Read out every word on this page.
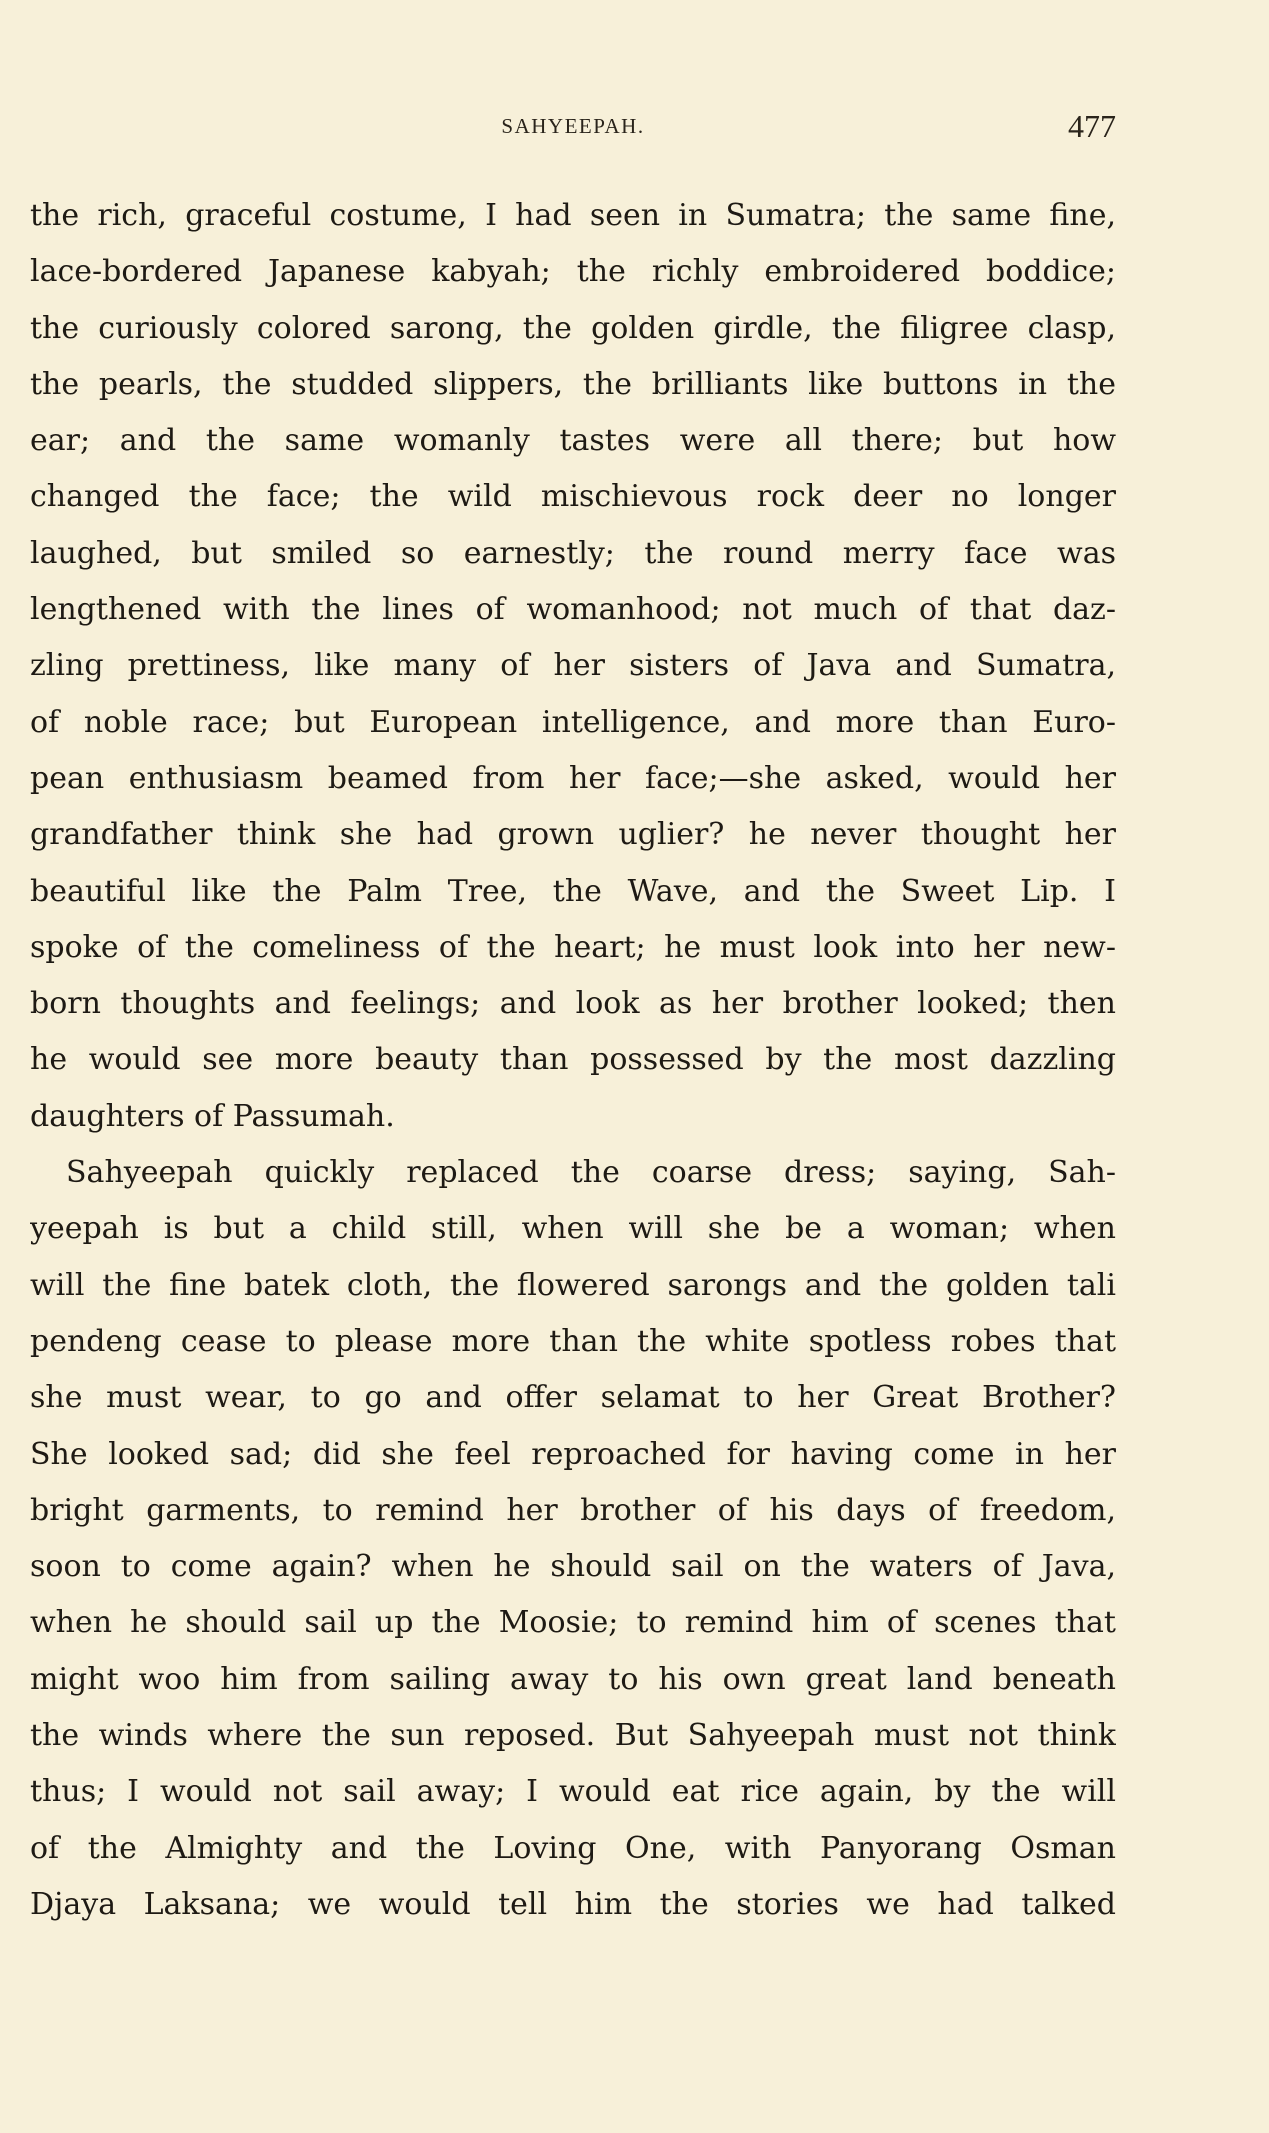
SAHYEEPAH.	477
the rich, graceful costume, I had seen in Sumatra; the same fine,
lace-bordered Japanese kabyah; the richly embroidered boddice;
the curiously colored sarong, the golden girdle, the filigree clasp,
the pearls, the studded slippers, the brilliants like buttons in the
ear; and the same womanly tastes were all there; but how
changed the face; the wild mischievous rock deer no longer
laughed, but smiled so earnestly; the round merry face was
lengthened with the lines of womanhood; not much of that daz-
zling prettiness, like many of her sisters of Java and Sumatra,
of noble race; but European intelligence, and more than Euro-
pean enthusiasm beamed from her face;—she asked, would her
grandfather think she had grown uglier? he never thought her
beautiful like the Palm Tree, the Wave, and the Sweet Lip. I
spoke of the comeliness of the heart; he must look into her new-
born thoughts and feelings; and look as her brother looked; then
he would see more beauty than possessed by the most dazzling
daughters of Passumah.
Sahyeepah quickly replaced the coarse dress; saying, Sah-
yeepah is but a child still, when will she be a woman; when
will the fine batek cloth, the flowered sarongs and the golden tali
pendeng cease to please more than the white spotless robes that
she must wear, to go and offer selamat to her Great Brother?
She looked sad; did she feel reproached for having come in her
bright garments, to remind her brother of his days of freedom,
soon to come again? when he should sail on the waters of Java,
when he should sail up the Moosie; to remind him of scenes that
might woo him from sailing away to his own great land beneath
the winds where the sun reposed. But Sahyeepah must not think
thus; I would not sail away; I would eat rice again, by the will
of the Almighty and the Loving One, with Panyorang Osman
Djaya Laksana; we would tell him the stories we had talked
